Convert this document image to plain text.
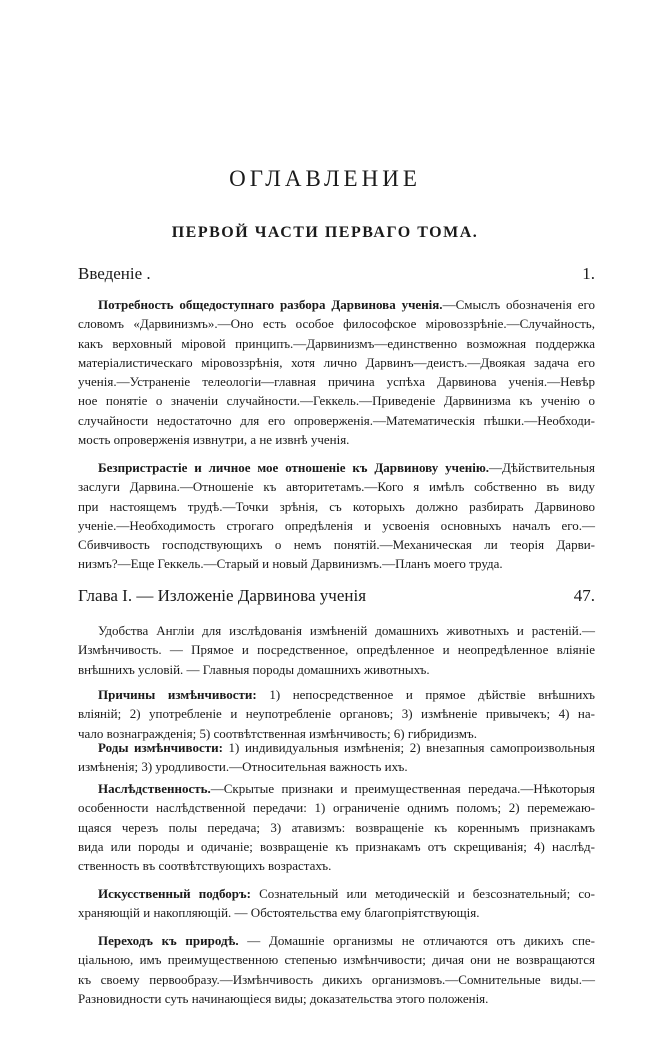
ОГЛАВЛЕНИЕ
ПЕРВОЙ ЧАСТИ ПЕРВАГО ТОМА.
Введеніе .	1.
Глава I. — Изложеніе Дарвинова ученія	47.
Потребность общедоступнаго разбора Дарвинова ученія.—Смыслъ обозначенія его
словомъ «Дарвинизмъ».—Оно есть особое философское міровоззрѣніе.—Случайность,
какъ верховный міровой принципъ.—Дарвинизмъ—единственно возможная поддержка
матеріалистическаго міровоззрѣнія, хотя лично Дарвинъ—деистъ.—Двоякая задача его
ученія.—Устраненіе телеологіи—главная причина успѣха Дарвинова ученія.—Невѣр
ное понятіе о значеніи случайности.—Геккель.—Приведеніе Дарвинизма къ ученію о
случайности недостаточно для его опроверженія.—Математическія пѣшки.—Необходи-
мость опроверженія извнутри, а не извнѣ ученія.
Безпристрастіе и личное мое отношеніе къ Дарвинову ученію.—Дѣйствительныя
заслуги Дарвина.—Отношеніе къ авторитетамъ.—Кого я имѣлъ собственно въ виду
при настоящемъ трудѣ.—Точки зрѣнія, съ которыхъ должно разбирать Дарвиново
ученіе.—Необходимость строгаго опредѣленія и усвоенія основныхъ началъ его.—
Сбивчивость господствующихъ о немъ понятій.—Механическая ли теорія Дарви-
низмъ?—Еще Геккель.—Старый и новый Дарвинизмъ.—Планъ моего труда.
Удобства Англіи для изслѣдованія измѣненій домашнихъ животныхъ и растеній.—
Измѣнчивость. — Прямое и посредственное, опредѣленное и неопредѣленное вліяніе
внѣшнихъ условій. — Главныя породы домашнихъ животныхъ.
Причины измѣнчивости: 1) непосредственное и прямое дѣйствіе внѣшнихъ
вліяній; 2) употребленіе и неупотребленіе органовъ; 3) измѣненіе привычекъ; 4) на-
чало вознагражденія; 5) соотвѣтственная измѣнчивость; 6) гибридизмъ.
Роды измѣнчивости: 1) индивидуальныя измѣненія; 2) внезапныя самопроизвольныя
измѣненія; 3) уродливости.—Относительная важность ихъ.
Наслѣдственность.—Скрытые признаки и преимущественная передача.—Нѣкоторыя
особенности наслѣдственной передачи: 1) ограниченіе однимъ поломъ; 2) перемежаю-
щаяся черезъ полы передача; 3) атавизмъ: возвращеніе къ кореннымъ признакамъ
вида или породы и одичаніе; возвращеніе къ признакамъ отъ скрещиванія; 4) наслѣд-
ственность въ соотвѣтствующихъ возрастахъ.
Искусственный подборъ: Сознательный или методическій и безсознательный; со-
храняющій и накопляющій. — Обстоятельства ему благопріятствующія.
Переходъ къ природѣ. — Домашніе организмы не отличаются отъ дикихъ спе-
ціальною, имъ преимущественною степенью измѣнчивости; дичая они не возвращаются
къ своему первообразу.—Измѣнчивость дикихъ организмовъ.—Сомнительные виды.—
Разновидности суть начинающіеся виды; доказательства этого положенія.
